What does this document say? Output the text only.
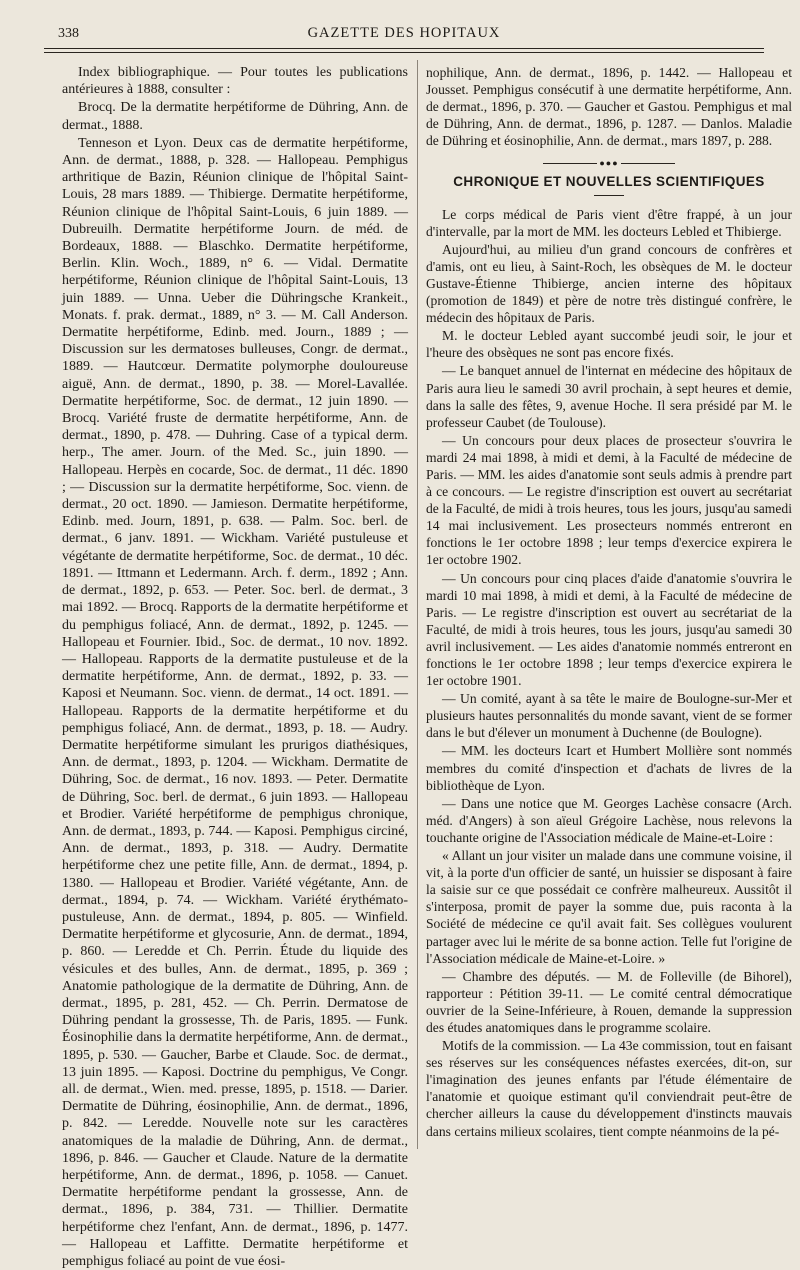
338	GAZETTE DES HOPITAUX

Index bibliographique. — Pour toutes les publications antérieures à 1888, consulter :

Brocq. De la dermatite herpétiforme de Dühring, Ann. de dermat., 1888.

Tenneson et Lyon. Deux cas de dermatite herpétiforme, Ann. de dermat., 1888, p. 328. — Hallopeau. Pemphigus arthritique de Bazin, Réunion clinique de l'hôpital Saint-Louis, 28 mars 1889. — Thibierge. Dermatite herpétiforme, Réunion clinique de l'hôpital Saint-Louis, 6 juin 1889. — Dubreuilh. Dermatite herpétiforme Journ. de méd. de Bordeaux, 1888. — Blaschko. Dermatite herpétiforme, Berlin. Klin. Woch., 1889, n° 6. — Vidal. Dermatite herpétiforme, Réunion clinique de l'hôpital Saint-Louis, 13 juin 1889. — Unna. Ueber die Dühringsche Krankeit., Monats. f. prak. dermat., 1889, n° 3. — M. Call Anderson. Dermatite herpétiforme, Edinb. med. Journ., 1889 ; — Discussion sur les dermatoses bulleuses, Congr. de dermat., 1889. — Hautcœur. Dermatite polymorphe douloureuse aiguë, Ann. de dermat., 1890, p. 38. — Morel-Lavallée. Dermatite herpétiforme, Soc. de dermat., 12 juin 1890. — Brocq. Variété fruste de dermatite herpétiforme, Ann. de dermat., 1890, p. 478. — Duhring. Case of a typical derm. herp., The amer. Journ. of the Med. Sc., juin 1890. — Hallopeau. Herpès en cocarde, Soc. de dermat., 11 déc. 1890 ; — Discussion sur la dermatite herpétiforme, Soc. vienn. de dermat., 20 oct. 1890. — Jamieson. Dermatite herpétiforme, Edinb. med. Journ, 1891, p. 638. — Palm. Soc. berl. de dermat., 6 janv. 1891. — Wickham. Variété pustuleuse et végétante de dermatite herpétiforme, Soc. de dermat., 10 déc. 1891. — Ittmann et Ledermann. Arch. f. derm., 1892 ; Ann. de dermat., 1892, p. 653. — Peter. Soc. berl. de dermat., 3 mai 1892. — Brocq. Rapports de la dermatite herpétiforme et du pemphigus foliacé, Ann. de dermat., 1892, p. 1245. — Hallopeau et Fournier. Ibid., Soc. de dermat., 10 nov. 1892. — Hallopeau. Rapports de la dermatite pustuleuse et de la dermatite herpétiforme, Ann. de dermat., 1892, p. 33. — Kaposi et Neumann. Soc. vienn. de dermat., 14 oct. 1891. — Hallopeau. Rapports de la dermatite herpétiforme et du pemphigus foliacé, Ann. de dermat., 1893, p. 18. — Audry. Dermatite herpétiforme simulant les prurigos diathésiques, Ann. de dermat., 1893, p. 1204. — Wickham. Dermatite de Dühring, Soc. de dermat., 16 nov. 1893. — Peter. Dermatite de Dühring, Soc. berl. de dermat., 6 juin 1893. — Hallopeau et Brodier. Variété herpétiforme de pemphigus chronique, Ann. de dermat., 1893, p. 744. — Kaposi. Pemphigus circiné, Ann. de dermat., 1893, p. 318. — Audry. Dermatite herpétiforme chez une petite fille, Ann. de dermat., 1894, p. 1380. — Hallopeau et Brodier. Variété végétante, Ann. de dermat., 1894, p. 74. — Wickham. Variété érythémato-pustuleuse, Ann. de dermat., 1894, p. 805. — Winfield. Dermatite herpétiforme et glycosurie, Ann. de dermat., 1894, p. 860. — Leredde et Ch. Perrin. Étude du liquide des vésicules et des bulles, Ann. de dermat., 1895, p. 369 ; Anatomie pathologique de la dermatite de Dühring, Ann. de dermat., 1895, p. 281, 452. — Ch. Perrin. Dermatose de Dühring pendant la grossesse, Th. de Paris, 1895. — Funk. Éosinophilie dans la dermatite herpétiforme, Ann. de dermat., 1895, p. 530. — Gaucher, Barbe et Claude. Soc. de dermat., 13 juin 1895. — Kaposi. Doctrine du pemphigus, Ve Congr. all. de dermat., Wien. med. presse, 1895, p. 1518. — Darier. Dermatite de Dühring, éosinophilie, Ann. de dermat., 1896, p. 842. — Leredde. Nouvelle note sur les caractères anatomiques de la maladie de Dühring, Ann. de dermat., 1896, p. 846. — Gaucher et Claude. Nature de la dermatite herpétiforme, Ann. de dermat., 1896, p. 1058. — Canuet. Dermatite herpétiforme pendant la grossesse, Ann. de dermat., 1896, p. 384, 731. — Thillier. Dermatite herpétiforme chez l'enfant, Ann. de dermat., 1896, p. 1477. — Hallopeau et Laffitte. Dermatite herpétiforme et pemphigus foliacé au point de vue éosi-

nophilique, Ann. de dermat., 1896, p. 1442. — Hallopeau et Jousset. Pemphigus consécutif à une dermatite herpétiforme, Ann. de dermat., 1896, p. 370. — Gaucher et Gastou. Pemphigus et mal de Dühring, Ann. de dermat., 1896, p. 1287. — Danlos. Maladie de Dühring et éosinophilie, Ann. de dermat., mars 1897, p. 288.

●●●
CHRONIQUE ET NOUVELLES SCIENTIFIQUES

Le corps médical de Paris vient d'être frappé, à un jour d'intervalle, par la mort de MM. les docteurs Lebled et Thibierge.

Aujourd'hui, au milieu d'un grand concours de confrères et d'amis, ont eu lieu, à Saint-Roch, les obsèques de M. le docteur Gustave-Étienne Thibierge, ancien interne des hôpitaux (promotion de 1849) et père de notre très distingué confrère, le médecin des hôpitaux de Paris.

M. le docteur Lebled ayant succombé jeudi soir, le jour et l'heure des obsèques ne sont pas encore fixés.

— Le banquet annuel de l'internat en médecine des hôpitaux de Paris aura lieu le samedi 30 avril prochain, à sept heures et demie, dans la salle des fêtes, 9, avenue Hoche. Il sera présidé par M. le professeur Caubet (de Toulouse).

— Un concours pour deux places de prosecteur s'ouvrira le mardi 24 mai 1898, à midi et demi, à la Faculté de médecine de Paris. — MM. les aides d'anatomie sont seuls admis à prendre part à ce concours. — Le registre d'inscription est ouvert au secrétariat de la Faculté, de midi à trois heures, tous les jours, jusqu'au samedi 14 mai inclusivement. Les prosecteurs nommés entreront en fonctions le 1er octobre 1898 ; leur temps d'exercice expirera le 1er octobre 1902.

— Un concours pour cinq places d'aide d'anatomie s'ouvrira le mardi 10 mai 1898, à midi et demi, à la Faculté de médecine de Paris. — Le registre d'inscription est ouvert au secrétariat de la Faculté, de midi à trois heures, tous les jours, jusqu'au samedi 30 avril inclusivement. — Les aides d'anatomie nommés entreront en fonctions le 1er octobre 1898 ; leur temps d'exercice expirera le 1er octobre 1901.

— Un comité, ayant à sa tête le maire de Boulogne-sur-Mer et plusieurs hautes personnalités du monde savant, vient de se former dans le but d'élever un monument à Duchenne (de Boulogne).

— MM. les docteurs Icart et Humbert Mollière sont nommés membres du comité d'inspection et d'achats de livres de la bibliothèque de Lyon.

— Dans une notice que M. Georges Lachèse consacre (Arch. méd. d'Angers) à son aïeul Grégoire Lachèse, nous relevons la touchante origine de l'Association médicale de Maine-et-Loire :

« Allant un jour visiter un malade dans une commune voisine, il vit, à la porte d'un officier de santé, un huissier se disposant à faire la saisie sur ce que possédait ce confrère malheureux. Aussitôt il s'interposa, promit de payer la somme due, puis raconta à la Société de médecine ce qu'il avait fait. Ses collègues voulurent partager avec lui le mérite de sa bonne action. Telle fut l'origine de l'Association médicale de Maine-et-Loire. »

— Chambre des députés. — M. de Folleville (de Bihorel), rapporteur : Pétition 39-11. — Le comité central démocratique ouvrier de la Seine-Inférieure, à Rouen, demande la suppression des études anatomiques dans le programme scolaire.

Motifs de la commission. — La 43e commission, tout en faisant ses réserves sur les conséquences néfastes exercées, dit-on, sur l'imagination des jeunes enfants par l'étude élémentaire de l'anatomie et quoique estimant qu'il conviendrait peut-être de chercher ailleurs la cause du développement d'instincts mauvais dans certains milieux scolaires, tient compte néanmoins de la pé-
